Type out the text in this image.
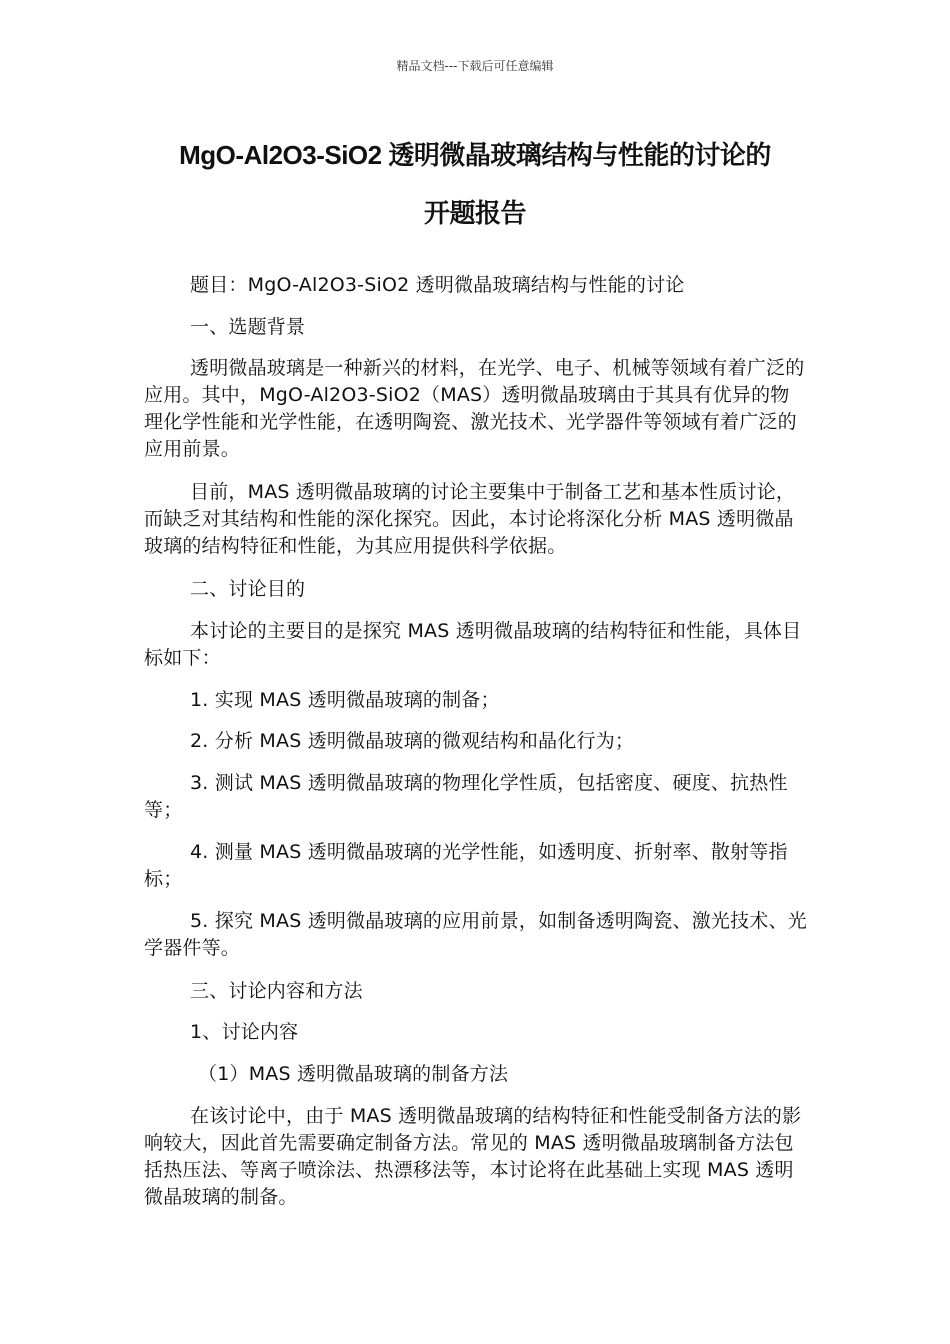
精品文档---下载后可任意编辑
MgO-Al2O3-SiO2 透明微晶玻璃结构与性能的讨论的
开题报告

题目：MgO-Al2O3-SiO2 透明微晶玻璃结构与性能的讨论

一、选题背景

透明微晶玻璃是一种新兴的材料，在光学、电子、机械等领域有着广泛的应用。其中，MgO-Al2O3-SiO2（MAS）透明微晶玻璃由于其具有优异的物理化学性能和光学性能，在透明陶瓷、激光技术、光学器件等领域有着广泛的应用前景。

目前，MAS 透明微晶玻璃的讨论主要集中于制备工艺和基本性质讨论，而缺乏对其结构和性能的深化探究。因此，本讨论将深化分析 MAS 透明微晶玻璃的结构特征和性能，为其应用提供科学依据。

二、讨论目的

本讨论的主要目的是探究 MAS 透明微晶玻璃的结构特征和性能，具体目标如下：

1. 实现 MAS 透明微晶玻璃的制备；

2. 分析 MAS 透明微晶玻璃的微观结构和晶化行为；

3. 测试 MAS 透明微晶玻璃的物理化学性质，包括密度、硬度、抗热性等；

4. 测量 MAS 透明微晶玻璃的光学性能，如透明度、折射率、散射等指标；

5. 探究 MAS 透明微晶玻璃的应用前景，如制备透明陶瓷、激光技术、光学器件等。

三、讨论内容和方法

1、讨论内容

（1）MAS 透明微晶玻璃的制备方法

在该讨论中，由于 MAS 透明微晶玻璃的结构特征和性能受制备方法的影响较大，因此首先需要确定制备方法。常见的 MAS 透明微晶玻璃制备方法包括热压法、等离子喷涂法、热漂移法等，本讨论将在此基础上实现 MAS 透明微晶玻璃的制备。
